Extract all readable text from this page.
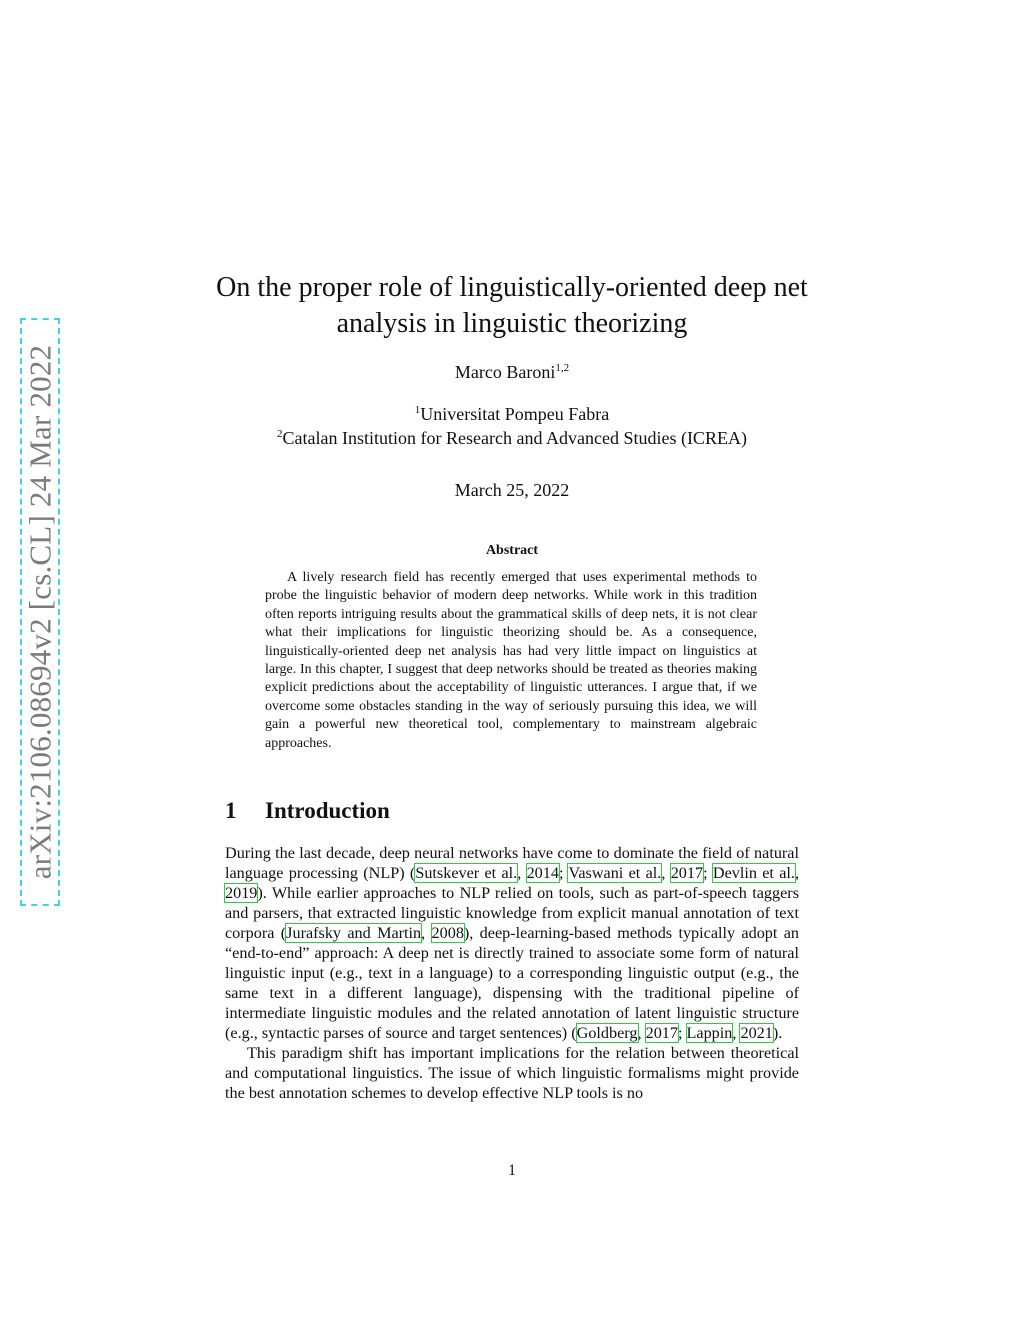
arXiv:2106.08694v2 [cs.CL] 24 Mar 2022
On the proper role of linguistically-oriented deep net analysis in linguistic theorizing
Marco Baroni$^{1,2}$
$^1$Universitat Pompeu Fabra
$^2$Catalan Institution for Research and Advanced Studies (ICREA)
March 25, 2022
Abstract

A lively research field has recently emerged that uses experimental methods to probe the linguistic behavior of modern deep networks. While work in this tradition often reports intriguing results about the grammatical skills of deep nets, it is not clear what their implications for linguistic theorizing should be. As a consequence, linguistically-oriented deep net analysis has had very little impact on linguistics at large. In this chapter, I suggest that deep networks should be treated as theories making explicit predictions about the acceptability of linguistic utterances. I argue that, if we overcome some obstacles standing in the way of seriously pursuing this idea, we will gain a powerful new theoretical tool, complementary to mainstream algebraic approaches.

1 Introduction

During the last decade, deep neural networks have come to dominate the field of natural language processing (NLP) (Sutskever et al., 2014; Vaswani et al., 2017; Devlin et al., 2019). While earlier approaches to NLP relied on tools, such as part-of-speech taggers and parsers, that extracted linguistic knowledge from explicit manual annotation of text corpora (Jurafsky and Martin, 2008), deep-learning-based methods typically adopt an “end-to-end” approach: A deep net is directly trained to associate some form of natural linguistic input (e.g., text in a language) to a corresponding linguistic output (e.g., the same text in a different language), dispensing with the traditional pipeline of intermediate linguistic modules and the related annotation of latent linguistic structure (e.g., syntactic parses of source and target sentences) (Goldberg, 2017; Lappin, 2021).

This paradigm shift has important implications for the relation between theoretical and computational linguistics. The issue of which linguistic formalisms might provide the best annotation schemes to develop effective NLP tools is no

1
